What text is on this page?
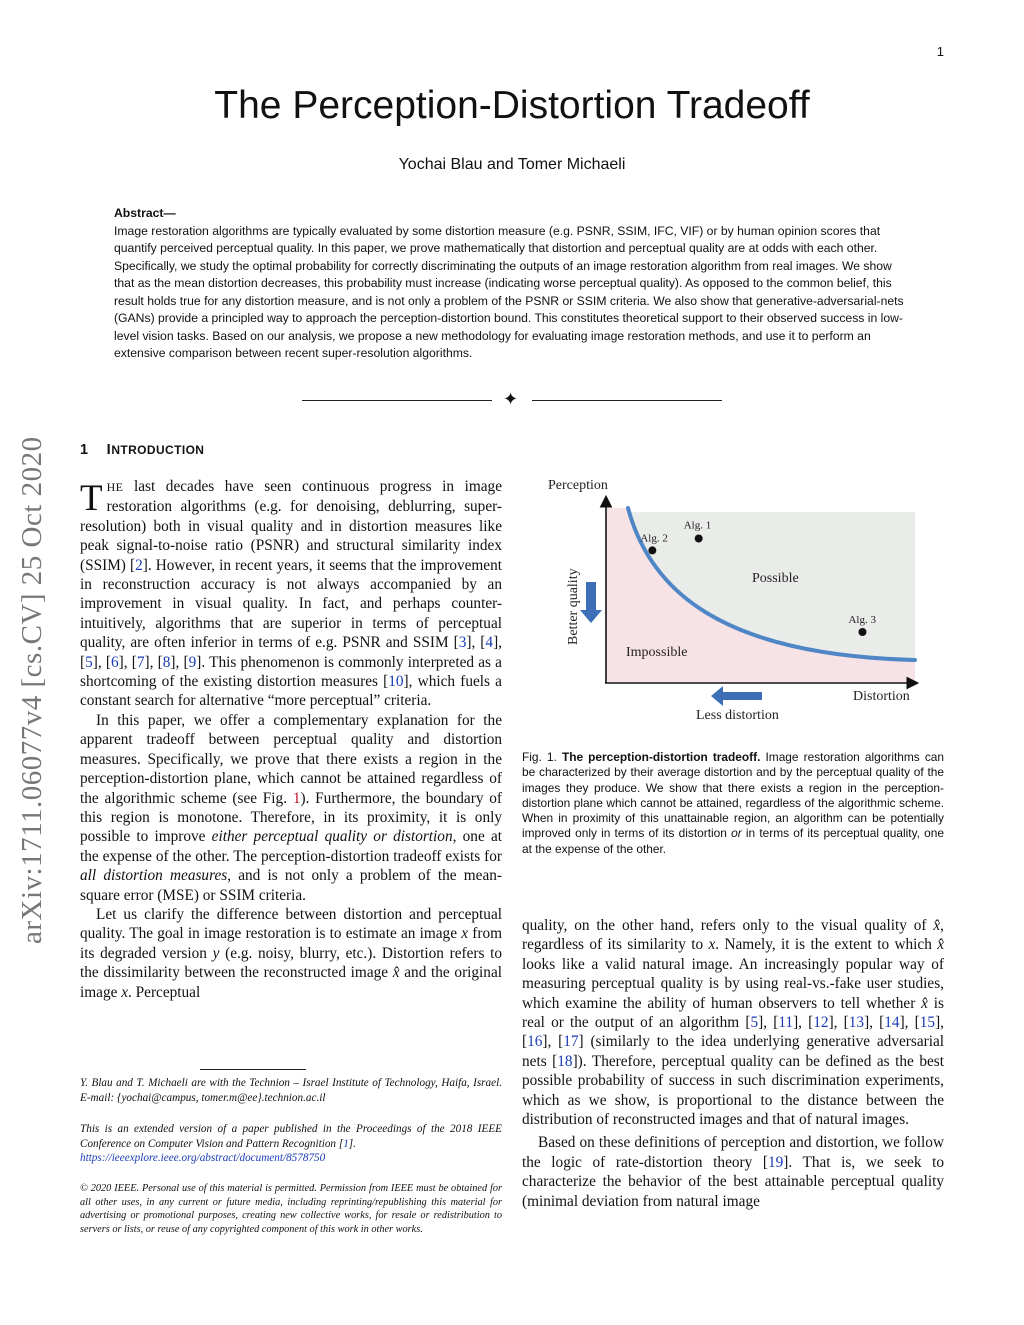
1
The Perception-Distortion Tradeoff
Yochai Blau and Tomer Michaeli
Abstract—
Image restoration algorithms are typically evaluated by some distortion measure (e.g. PSNR, SSIM, IFC, VIF) or by human opinion scores that quantify perceived perceptual quality. In this paper, we prove mathematically that distortion and perceptual quality are at odds with each other. Specifically, we study the optimal probability for correctly discriminating the outputs of an image restoration algorithm from real images. We show that as the mean distortion decreases, this probability must increase (indicating worse perceptual quality). As opposed to the common belief, this result holds true for any distortion measure, and is not only a problem of the PSNR or SSIM criteria. We also show that generative-adversarial-nets (GANs) provide a principled way to approach the perception-distortion bound. This constitutes theoretical support to their observed success in low-level vision tasks. Based on our analysis, we propose a new methodology for evaluating image restoration methods, and use it to perform an extensive comparison between recent super-resolution algorithms.
✦
arXiv:1711.06077v4 [cs.CV] 25 Oct 2020 1 INTRODUCTION

THE last decades have seen continuous progress in image restoration algorithms (e.g. for denoising, deblurring, super-resolution) both in visual quality and in distortion measures like peak signal-to-noise ratio (PSNR) and structural similarity index (SSIM) [2]. However, in recent years, it seems that the improvement in reconstruction accuracy is not always accompanied by an improvement in visual quality. In fact, and perhaps counter-intuitively, algorithms that are superior in terms of perceptual quality, are often inferior in terms of e.g. PSNR and SSIM [3], [4], [5], [6], [7], [8], [9]. This phenomenon is commonly interpreted as a shortcoming of the existing distortion measures [10], which fuels a constant search for alternative “more perceptual” criteria.

In this paper, we offer a complementary explanation for the apparent tradeoff between perceptual quality and distortion measures. Specifically, we prove that there exists a region in the perception-distortion plane, which cannot be attained regardless of the algorithmic scheme (see Fig. 1). Furthermore, the boundary of this region is monotone. Therefore, in its proximity, it is only possible to improve either perceptual quality or distortion, one at the expense of the other. The perception-distortion tradeoff exists for all distortion measures, and is not only a problem of the mean-square error (MSE) or SSIM criteria.

Let us clarify the difference between distortion and perceptual quality. The goal in image restoration is to estimate an image x from its degraded version y (e.g. noisy, blurry, etc.). Distortion refers to the dissimilarity between the reconstructed image x̂ and the original image x. Perceptual

Y. Blau and T. Michaeli are with the Technion – Israel Institute of Technology, Haifa, Israel. E-mail: {yochai@campus, tomer.m@ee}.technion.ac.il
This is an extended version of a paper published in the Proceedings of the 2018 IEEE Conference on Computer Vision and Pattern Recognition [1].
https://ieeexplore.ieee.org/abstract/document/8578750
© 2020 IEEE. Personal use of this material is permitted. Permission from IEEE must be obtained for all other uses, in any current or future media, including reprinting/republishing this material for advertising or promotional purposes, creating new collective works, for resale or redistribution to servers or lists, or reuse of any copyrighted component of this work in other works.
Perception
Distortion
Possible
Impossible
Better quality
Less distortion
Alg. 1
Alg. 2
Alg. 3
Fig. 1. The perception-distortion tradeoff. Image restoration algorithms can be characterized by their average distortion and by the perceptual quality of the images they produce. We show that there exists a region in the perception-distortion plane which cannot be attained, regardless of the algorithmic scheme. When in proximity of this unattainable region, an algorithm can be potentially improved only in terms of its distortion or in terms of its perceptual quality, one at the expense of the other.

quality, on the other hand, refers only to the visual quality of x̂, regardless of its similarity to x. Namely, it is the extent to which x̂ looks like a valid natural image. An increasingly popular way of measuring perceptual quality is by using real-vs.-fake user studies, which examine the ability of human observers to tell whether x̂ is real or the output of an algorithm [5], [11], [12], [13], [14], [15], [16], [17] (similarly to the idea underlying generative adversarial nets [18]). Therefore, perceptual quality can be defined as the best possible probability of success in such discrimination experiments, which as we show, is proportional to the distance between the distribution of reconstructed images and that of natural images.

Based on these definitions of perception and distortion, we follow the logic of rate-distortion theory [19]. That is, we seek to characterize the behavior of the best attainable perceptual quality (minimal deviation from natural image
